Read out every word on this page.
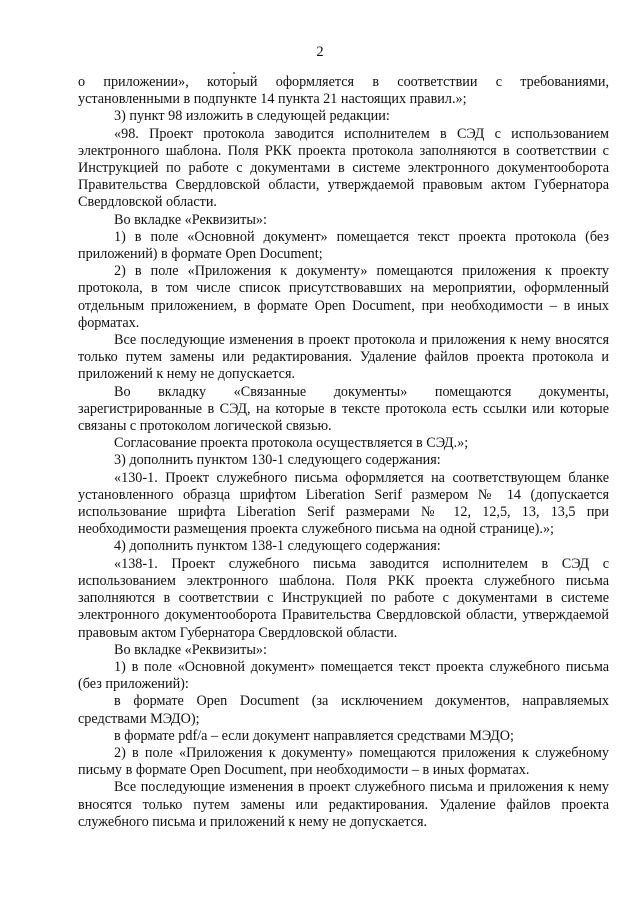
2

о приложении», который оформляется в соответствии с требованиями, установленными в подпункте 14 пункта 21 настоящих правил.»;

3) пункт 98 изложить в следующей редакции:

«98. Проект протокола заводится исполнителем в СЭД с использованием электронного шаблона. Поля РКК проекта протокола заполняются в соответствии с Инструкцией по работе с документами в системе электронного документооборота Правительства Свердловской области, утверждаемой правовым актом Губернатора Свердловской области.

Во вкладке «Реквизиты»:

1) в поле «Основной документ» помещается текст проекта протокола (без приложений) в формате Open Document;

2) в поле «Приложения к документу» помещаются приложения к проекту протокола, в том числе список присутствовавших на мероприятии, оформленный отдельным приложением, в формате Open Document, при необходимости – в иных форматах.

Все последующие изменения в проект протокола и приложения к нему вносятся только путем замены или редактирования. Удаление файлов проекта протокола и приложений к нему не допускается.

Во вкладку «Связанные документы» помещаются документы, зарегистрированные в СЭД, на которые в тексте протокола есть ссылки или которые связаны с протоколом логической связью.

Согласование проекта протокола осуществляется в СЭД.»;

3) дополнить пунктом 130-1 следующего содержания:

«130-1. Проект служебного письма оформляется на соответствующем бланке установленного образца шрифтом Liberation Serif размером № 14 (допускается использование шрифта Liberation Serif размерами № 12, 12,5, 13, 13,5 при необходимости размещения проекта служебного письма на одной странице).»;

4) дополнить пунктом 138-1 следующего содержания:

«138-1. Проект служебного письма заводится исполнителем в СЭД с использованием электронного шаблона. Поля РКК проекта служебного письма заполняются в соответствии с Инструкцией по работе с документами в системе электронного документооборота Правительства Свердловской области, утверждаемой правовым актом Губернатора Свердловской области.

Во вкладке «Реквизиты»:

1) в поле «Основной документ» помещается текст проекта служебного письма (без приложений):

в формате Open Document (за исключением документов, направляемых средствами МЭДО);

в формате pdf/a – если документ направляется средствами МЭДО;

2) в поле «Приложения к документу» помещаются приложения к служебному письму в формате Open Document, при необходимости – в иных форматах.

Все последующие изменения в проект служебного письма и приложения к нему вносятся только путем замены или редактирования. Удаление файлов проекта служебного письма и приложений к нему не допускается.
